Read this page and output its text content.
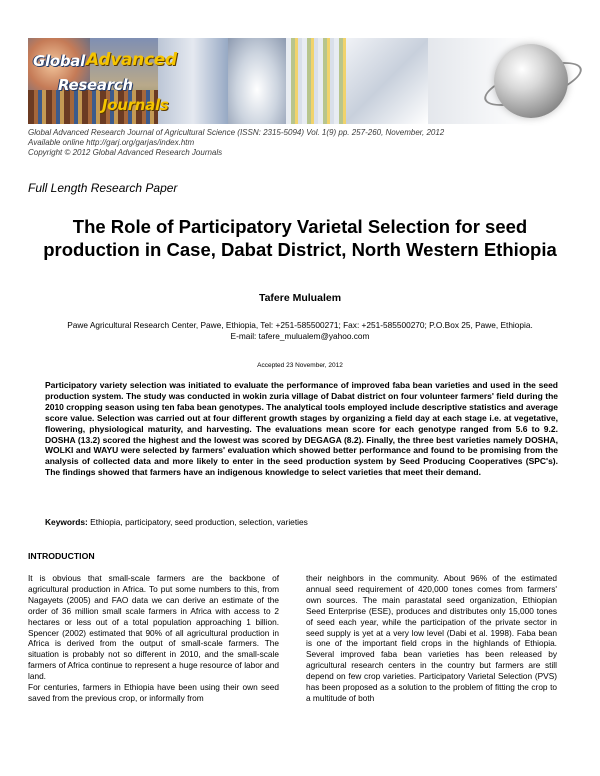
Global Advanced
Research
Journals
Global Advanced Research Journal of Agricultural Science (ISSN: 2315-5094) Vol. 1(9) pp. 257-260, November, 2012
Available online http://garj.org/garjas/index.htm
Copyright © 2012 Global Advanced Research Journals
Full Length Research Paper
The Role of Participatory Varietal Selection for seed production in Case, Dabat District, North Western Ethiopia
Tafere Mulualem
Pawe Agricultural Research Center, Pawe, Ethiopia, Tel: +251-585500271; Fax: +251-585500270; P.O.Box 25, Pawe, Ethiopia.
E-mail: tafere_mulualem@yahoo.com
Accepted 23 November, 2012
Participatory variety selection was initiated to evaluate the performance of improved faba bean varieties and used in the seed production system. The study was conducted in wokin zuria village of Dabat district on four volunteer farmers' field during the 2010 cropping season using ten faba bean genotypes. The analytical tools employed include descriptive statistics and average score value. Selection was carried out at four different growth stages by organizing a field day at each stage i.e. at vegetative, flowering, physiological maturity, and harvesting. The evaluations mean score for each genotype ranged from 5.6 to 9.2. DOSHA (13.2) scored the highest and the lowest was scored by DEGAGA (8.2). Finally, the three best varieties namely DOSHA, WOLKI and WAYU were selected by farmers' evaluation which showed better performance and found to be promising from the analysis of collected data and more likely to enter in the seed production system by Seed Producing Cooperatives (SPC's). The findings showed that farmers have an indigenous knowledge to select varieties that meet their demand.
Keywords: Ethiopia, participatory, seed production, selection, varieties
INTRODUCTION

It is obvious that small-scale farmers are the backbone of agricultural production in Africa. To put some numbers to this, from Nagayets (2005) and FAO data we can derive an estimate of the order of 36 million small scale farmers in Africa with access to 2 hectares or less out of a total population approaching 1 billion. Spencer (2002) estimated that 90% of all agricultural production in Africa is derived from the output of small-scale farmers. The situation is probably not so different in 2010, and the small-scale farmers of Africa continue to represent a huge resource of labor and land.

For centuries, farmers in Ethiopia have been using their own seed saved from the previous crop, or informally from

their neighbors in the community. About 96% of the estimated annual seed requirement of 420,000 tones comes from farmers' own sources. The main parastatal seed organization, Ethiopian Seed Enterprise (ESE), produces and distributes only 15,000 tones of seed each year, while the participation of the private sector in seed supply is yet at a very low level (Dabi et al. 1998). Faba bean is one of the important field crops in the highlands of Ethiopia. Several improved faba bean varieties has been released by agricultural research centers in the country but farmers are still depend on few crop varieties. Participatory Varietal Selection (PVS) has been proposed as a solution to the problem of fitting the crop to a multitude of both
